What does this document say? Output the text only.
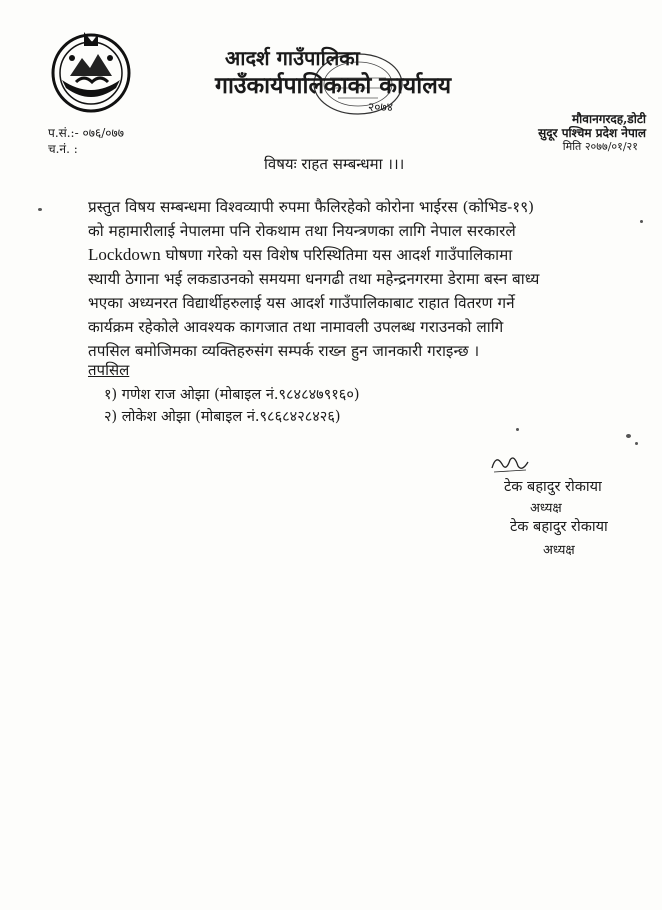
आदर्श गाउँपालिका
गाउँकार्यपालिकाको कार्यालय
२०७४
मौवानगरदह,डोटी
सुदूर पश्चिम प्रदेश नेपाल
मिति २०७७/०१/२१
प.सं.:- ०७६/०७७
च.नं. :
विषयः राहत सम्बन्धमा ।।।
प्रस्तुत विषय सम्बन्धमा विश्वव्यापी रुपमा फैलिरहेको कोरोना भाईरस (कोभिड-१९)
को महामारीलाई नेपालमा पनि रोकथाम तथा नियन्त्रणका लागि नेपाल सरकारले
Lockdown घोषणा गरेको यस विशेष परिस्थितिमा यस आदर्श गाउँपालिकामा
स्थायी ठेगाना भई लकडाउनको समयमा धनगढी तथा महेन्द्रनगरमा डेरामा बस्न बाध्य
भएका अध्यनरत विद्यार्थीहरुलाई यस आदर्श गाउँपालिकाबाट राहात वितरण गर्ने
कार्यक्रम रहेकोले आवश्यक कागजात तथा नामावली उपलब्ध गराउनको लागि
तपसिल बमोजिमका व्यक्तिहरुसंग सम्पर्क राख्न हुन जानकारी गराइन्छ ।
तपसिल
१) गणेश राज ओझा (मोबाइल नं.९८४८४७९१६०)
२) लोकेश ओझा (मोबाइल नं.९८६८४२८४२६)
टेक बहादुर रोकाया
अध्यक्ष
टेक बहादुर रोकाया
अध्यक्ष
